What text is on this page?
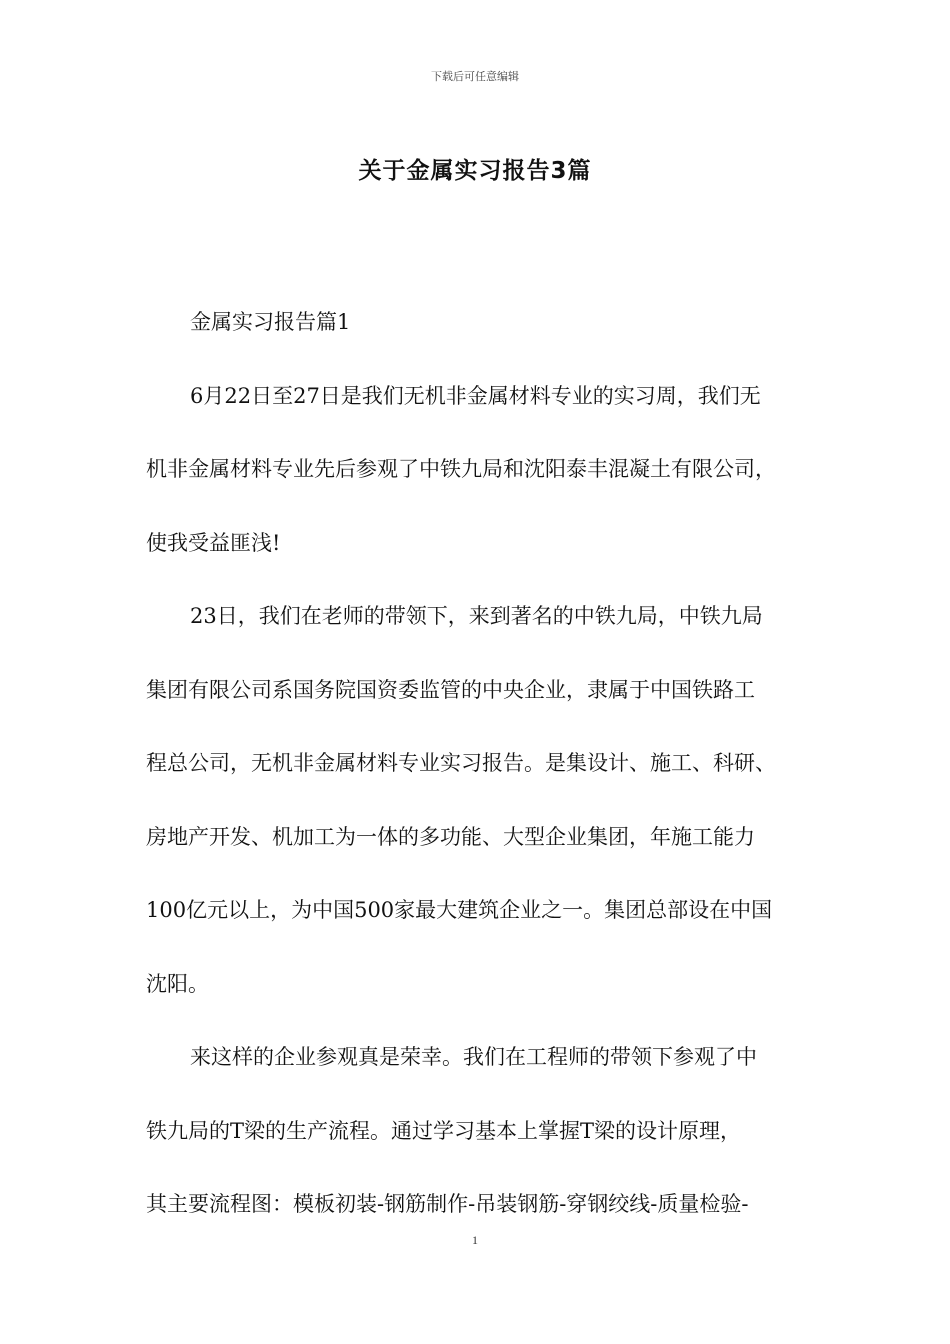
下载后可任意编辑
关于金属实习报告3篇

金属实习报告篇1

6月22日至27日是我们无机非金属材料专业的实习周，我们无

机非金属材料专业先后参观了中铁九局和沈阳泰丰混凝土有限公司，

使我受益匪浅!

23日，我们在老师的带领下，来到著名的中铁九局，中铁九局

集团有限公司系国务院国资委监管的中央企业，隶属于中国铁路工

程总公司，无机非金属材料专业实习报告。是集设计、施工、科研、

房地产开发、机加工为一体的多功能、大型企业集团，年施工能力

100亿元以上，为中国500家最大建筑企业之一。集团总部设在中国

沈阳。

来这样的企业参观真是荣幸。我们在工程师的带领下参观了中

铁九局的T梁的生产流程。通过学习基本上掌握T梁的设计原理，

其主要流程图：模板初装-钢筋制作-吊装钢筋-穿钢绞线-质量检验-

1
